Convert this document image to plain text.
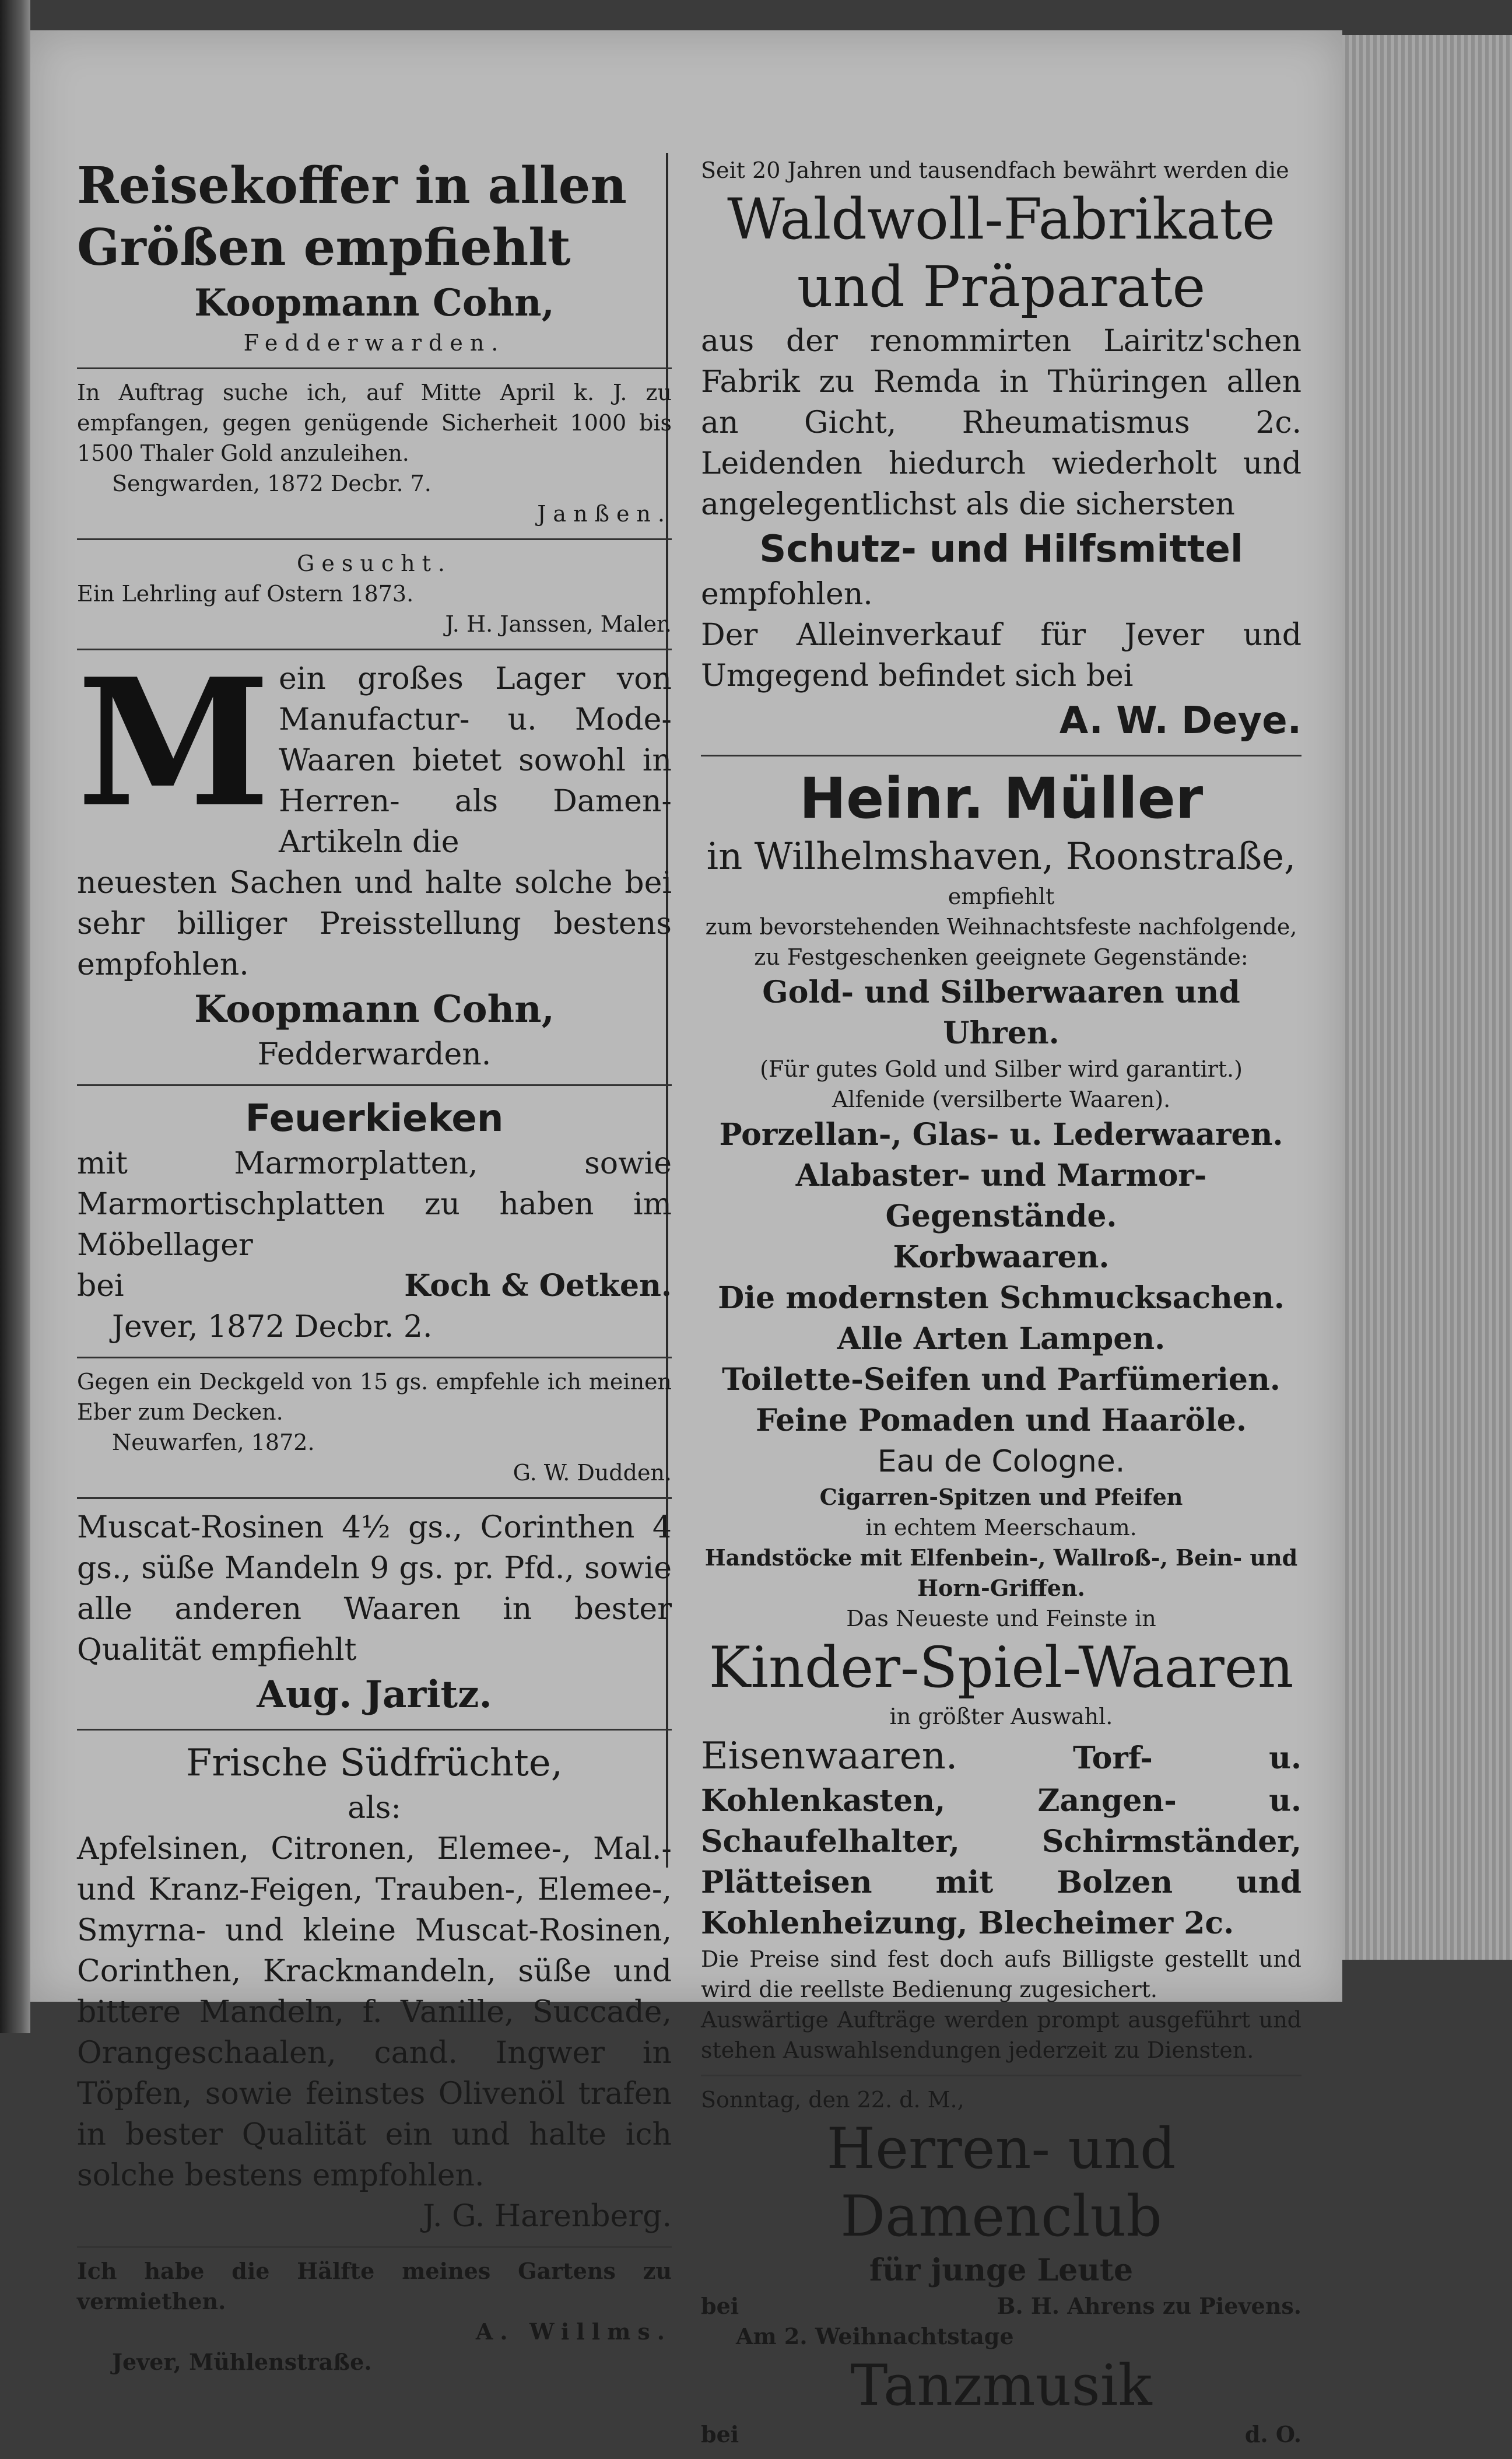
Reisekoffer in allen Größen empfiehlt
Koopmann Cohn,
Fedderwarden.
In Auftrag suche ich, auf Mitte April k. J. zu empfangen, gegen genügende Sicherheit 1000 bis 1500 Thaler Gold anzuleihen.
Sengwarden, 1872 Decbr. 7.
Janßen.
Gesucht.
Ein Lehrling auf Ostern 1873.
J. H. Janssen, Maler.
M ein großes Lager von Manufactur- u. Mode-Waaren bietet sowohl in Herren- als Damen-Artikeln die
neuesten Sachen und halte solche bei sehr billiger Preisstellung bestens empfohlen.
Koopmann Cohn,
Fedderwarden.
Feuerkieken
mit Marmorplatten, sowie Marmortischplatten zu haben im Möbellager
bei	Koch & Oetken.
Jever, 1872 Decbr. 2.
Gegen ein Deckgeld von 15 gs. empfehle ich meinen Eber zum Decken.
Neuwarfen, 1872.
G. W. Dudden.
Muscat-Rosinen 4½ gs., Corinthen 4 gs., süße Mandeln 9 gs. pr. Pfd., sowie alle anderen Waaren in bester Qualität empfiehlt
Aug. Jaritz.
Frische Südfrüchte,
als:
Apfelsinen, Citronen, Elemee-, Mal.- und Kranz-Feigen, Trauben-, Elemee-, Smyrna- und kleine Muscat-Rosinen, Corinthen, Krackmandeln, süße und bittere Mandeln, f. Vanille, Succade, Orangeschaalen, cand. Ingwer in Töpfen, sowie feinstes Olivenöl trafen in bester Qualität ein und halte ich solche bestens empfohlen.
J. G. Harenberg.
Ich habe die Hälfte meines Gartens zu vermiethen.
A. Willms.
Jever, Mühlenstraße.
Seit 20 Jahren und tausendfach bewährt werden die
Waldwoll-Fabrikate und Präparate
aus der renommirten Lairitz'schen Fabrik zu Remda in Thüringen allen an Gicht, Rheumatismus 2c. Leidenden hiedurch wiederholt und angelegentlichst als die sichersten
Schutz- und Hilfsmittel
empfohlen.
Der Alleinverkauf für Jever und Umgegend befindet sich bei
A. W. Deye.
Heinr. Müller
in Wilhelmshaven, Roonstraße,
empfiehlt
zum bevorstehenden Weihnachtsfeste nachfolgende, zu Festgeschenken geeignete Gegenstände:
Gold- und Silberwaaren und Uhren.
(Für gutes Gold und Silber wird garantirt.)
Alfenide (versilberte Waaren).
Porzellan-, Glas- u. Lederwaaren.
Alabaster- und Marmor-Gegenstände.
Korbwaaren.
Die modernsten Schmucksachen.
Alle Arten Lampen.
Toilette-Seifen und Parfümerien.
Feine Pomaden und Haaröle.
Eau de Cologne.
Cigarren-Spitzen und Pfeifen
in echtem Meerschaum.
Handstöcke mit Elfenbein-, Wallroß-, Bein- und Horn-Griffen.
Das Neueste und Feinste in
Kinder-Spiel-Waaren
in größter Auswahl.
Eisenwaaren.	Torf- u. Kohlenkasten, Zangen- u. Schaufelhalter, Schirmständer, Plätteisen mit Bolzen und Kohlenheizung, Blecheimer 2c.
Die Preise sind fest doch aufs Billigste gestellt und wird die reellste Bedienung zugesichert.
Auswärtige Aufträge werden prompt ausgeführt und stehen Auswahlsendungen jederzeit zu Diensten.
Sonntag, den 22. d. M.,
Herren- und Damenclub
für junge Leute
bei	B. H. Ahrens zu Pievens.
Am 2. Weihnachtstage
Tanzmusik
bei	d. O.
